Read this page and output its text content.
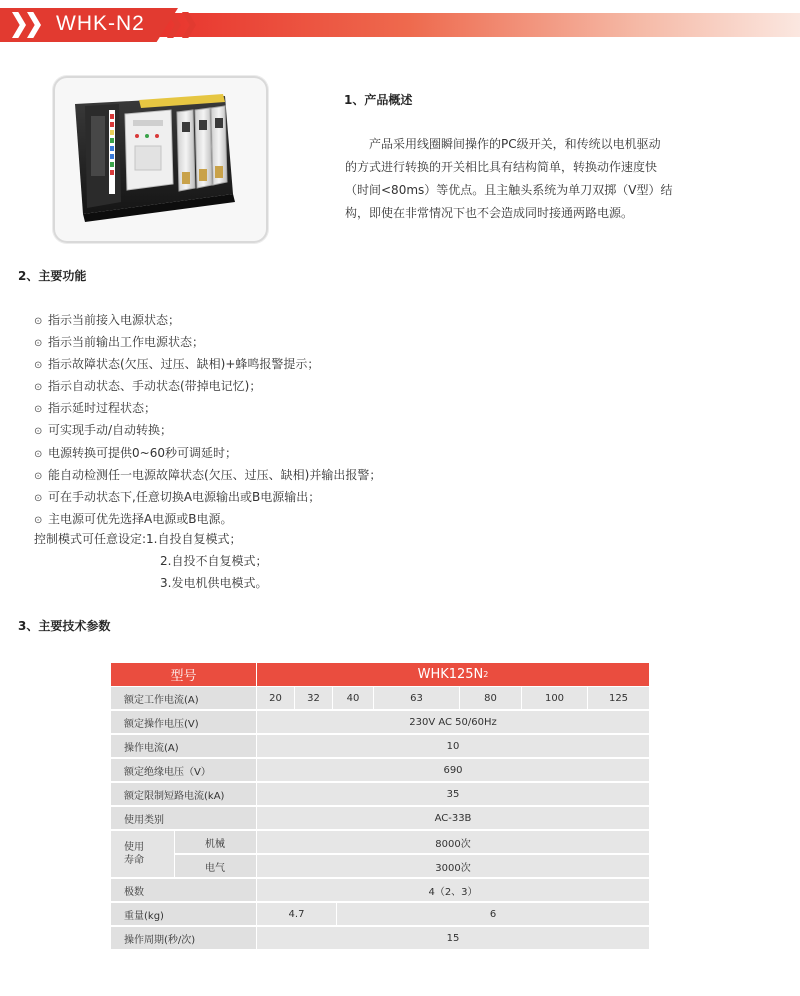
WHK-N2
1、产品概述
产品采用线圈瞬间操作的PC级开关，和传统以电机驱动
的方式进行转换的开关相比具有结构简单，转换动作速度快
（时间<80ms）等优点。且主触头系统为单刀双掷（V型）结
构，即使在非常情况下也不会造成同时接通两路电源。
2、主要功能
⊙ 指示当前接入电源状态；
⊙ 指示当前输出工作电源状态；
⊙ 指示故障状态(欠压、过压、缺相)+蜂鸣报警提示；
⊙ 指示自动状态、手动状态(带掉电记忆)；
⊙ 指示延时过程状态；
⊙ 可实现手动/自动转换；
⊙ 电源转换可提供0~60秒可调延时；
⊙ 能自动检测任一电源故障状态(欠压、过压、缺相)并输出报警；
⊙ 可在手动状态下,任意切换A电源输出或B电源输出；
⊙ 主电源可优先选择A电源或B电源。
控制模式可任意设定:1.自投自复模式；
2.自投不自复模式；
3.发电机供电模式。
3、主要技术参数
型号	WHK125N 2
额定工作电流(A)	20	32	40	63	80	100	125
额定操作电压(V)	230V AC 50/60Hz
操作电流(A)	10
额定绝缘电压（V）	690
额定限制短路电流(kA)	35
使用类别	AC-33B
使用
寿命
机械	8000次
电气	3000次
极数	4（2、3）
重量(kg)	4.7	6
操作周期(秒/次)	15
